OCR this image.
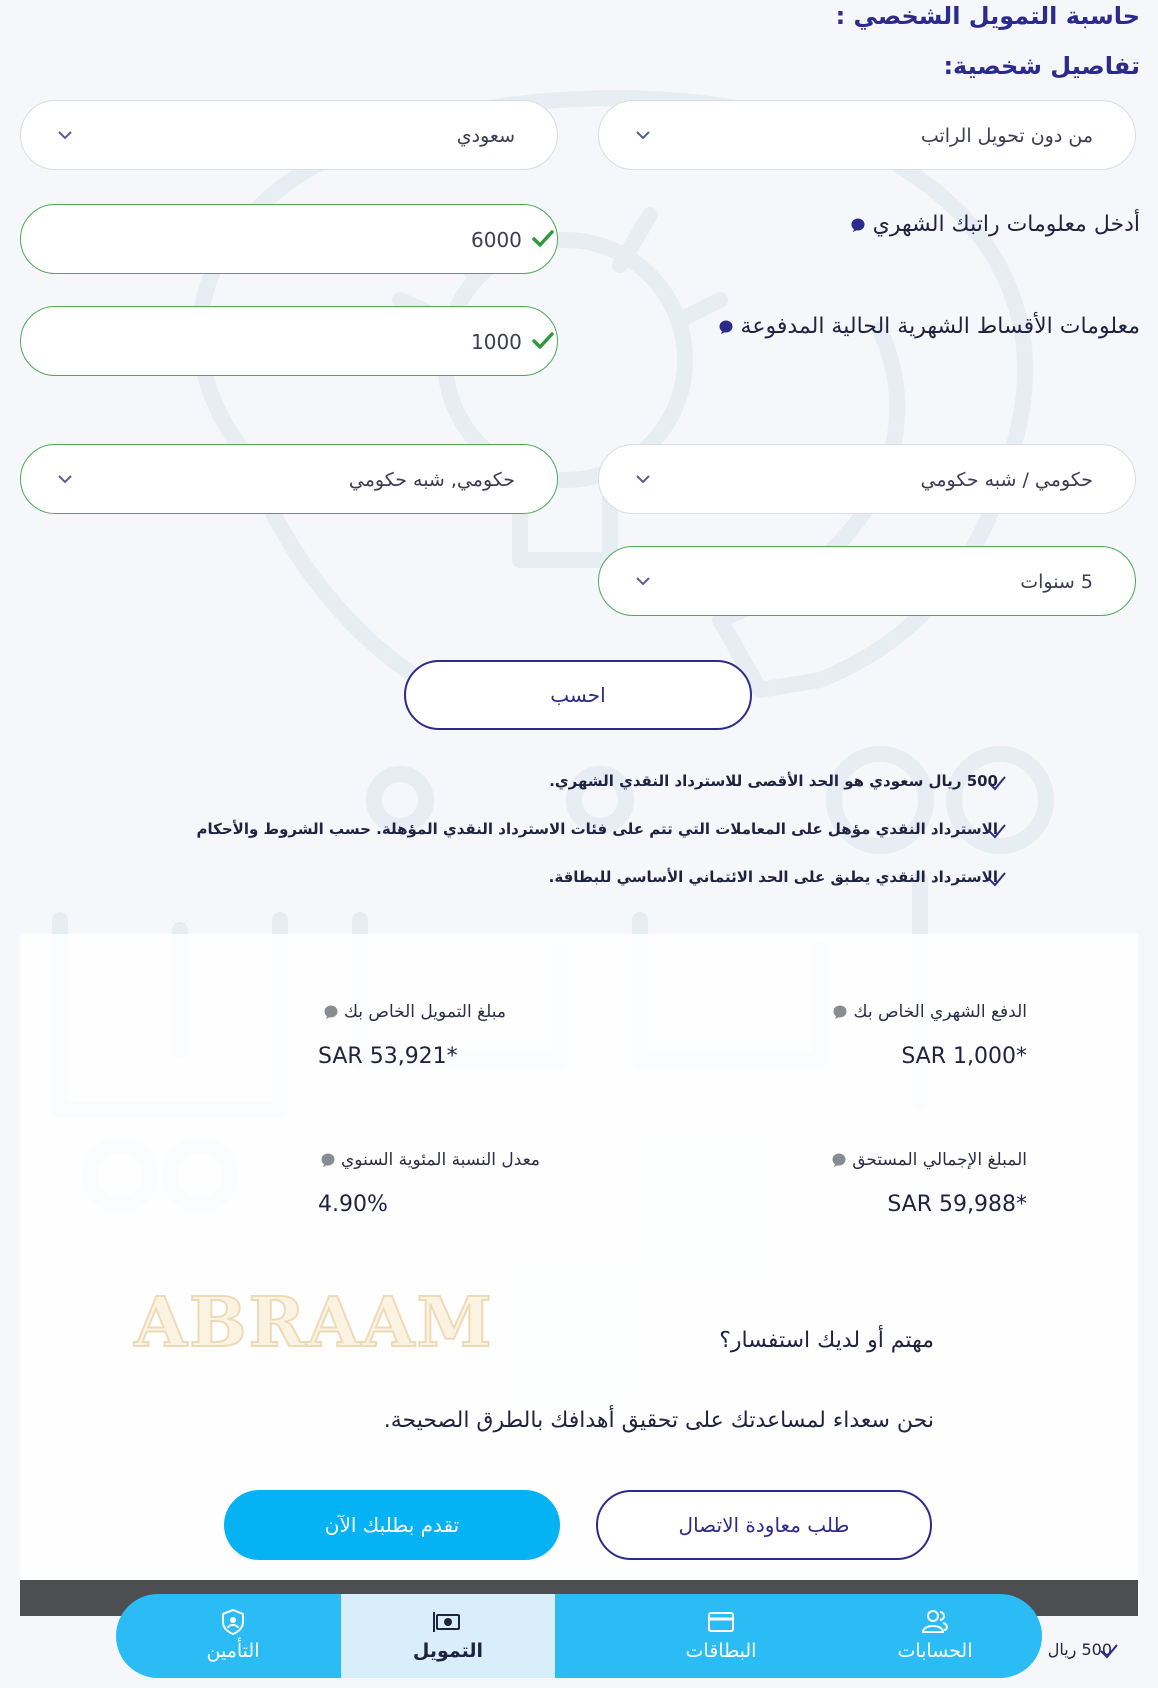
حاسبة التمويل الشخصي :
تفاصيل شخصية:
من دون تحويل الراتب
سعودي
أدخل معلومات راتبك الشهري
6000
معلومات الأقساط الشهرية الحالية المدفوعة
1000
حكومي / شبه حكومي
حكومي, شبه حكومي
5 سنوات
احسب
500 ريال سعودي هو الحد الأقصى للاسترداد النقدي الشهري.
الاسترداد النقدي مؤهل على المعاملات التي تتم على فئات الاسترداد النقدي المؤهلة. حسب الشروط والأحكام
الاسترداد النقدي يطبق على الحد الائتماني الأساسي للبطاقة.
الدفع الشهري الخاص بك
SAR 1,000*
مبلغ التمويل الخاص بك
SAR 53,921*
المبلغ الإجمالي المستحق
SAR 59,988*
معدل النسبة المئوية السنوي
4.90%
ABRAAM	مهتم أو لديك استفسار؟
نحن سعداء لمساعدتك على تحقيق أهدافك بالطرق الصحيحة.
طلب معاودة الاتصال
تقدم بطلبك الآن
500 ريال
الحسابات
البطاقات
التمويل
التأمين
